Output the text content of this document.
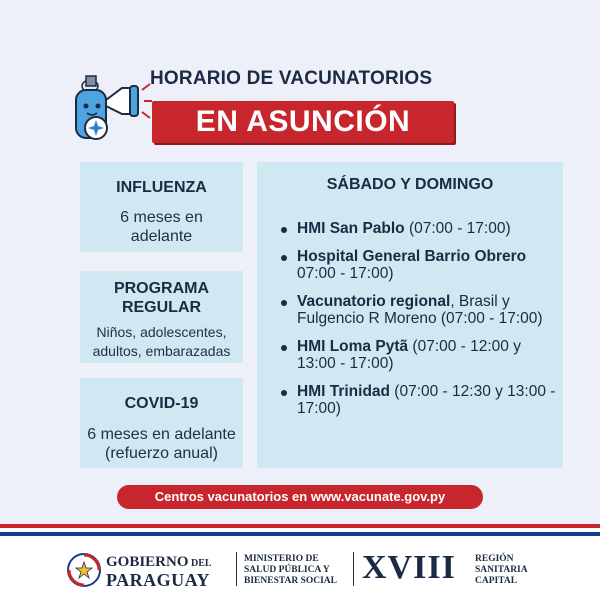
HORARIO DE VACUNATORIOS
EN ASUNCIÓN
INFLUENZA
6 meses en
adelante
PROGRAMA
REGULAR
Niños, adolescentes,
adultos, embarazadas
COVID-19
6 meses en adelante
(refuerzo anual)
SÁBADO Y DOMINGO
HMI San Pablo (07:00 - 17:00)
Hospital General Barrio Obrero 07:00 - 17:00)
Vacunatorio regional, Brasil y Fulgencio R Moreno (07:00 - 17:00)
HMI Loma Pytã (07:00 - 12:00 y 13:00 - 17:00)
HMI Trinidad (07:00 - 12:30 y 13:00 - 17:00)
Centros vacunatorios en www.vacunate.gov.py
GOBIERNO DEL
PARAGUAY
MINISTERIO DE
SALUD PÚBLICA Y
BIENESTAR SOCIAL XVIII REGIÓN
SANITARIA
CAPITAL
